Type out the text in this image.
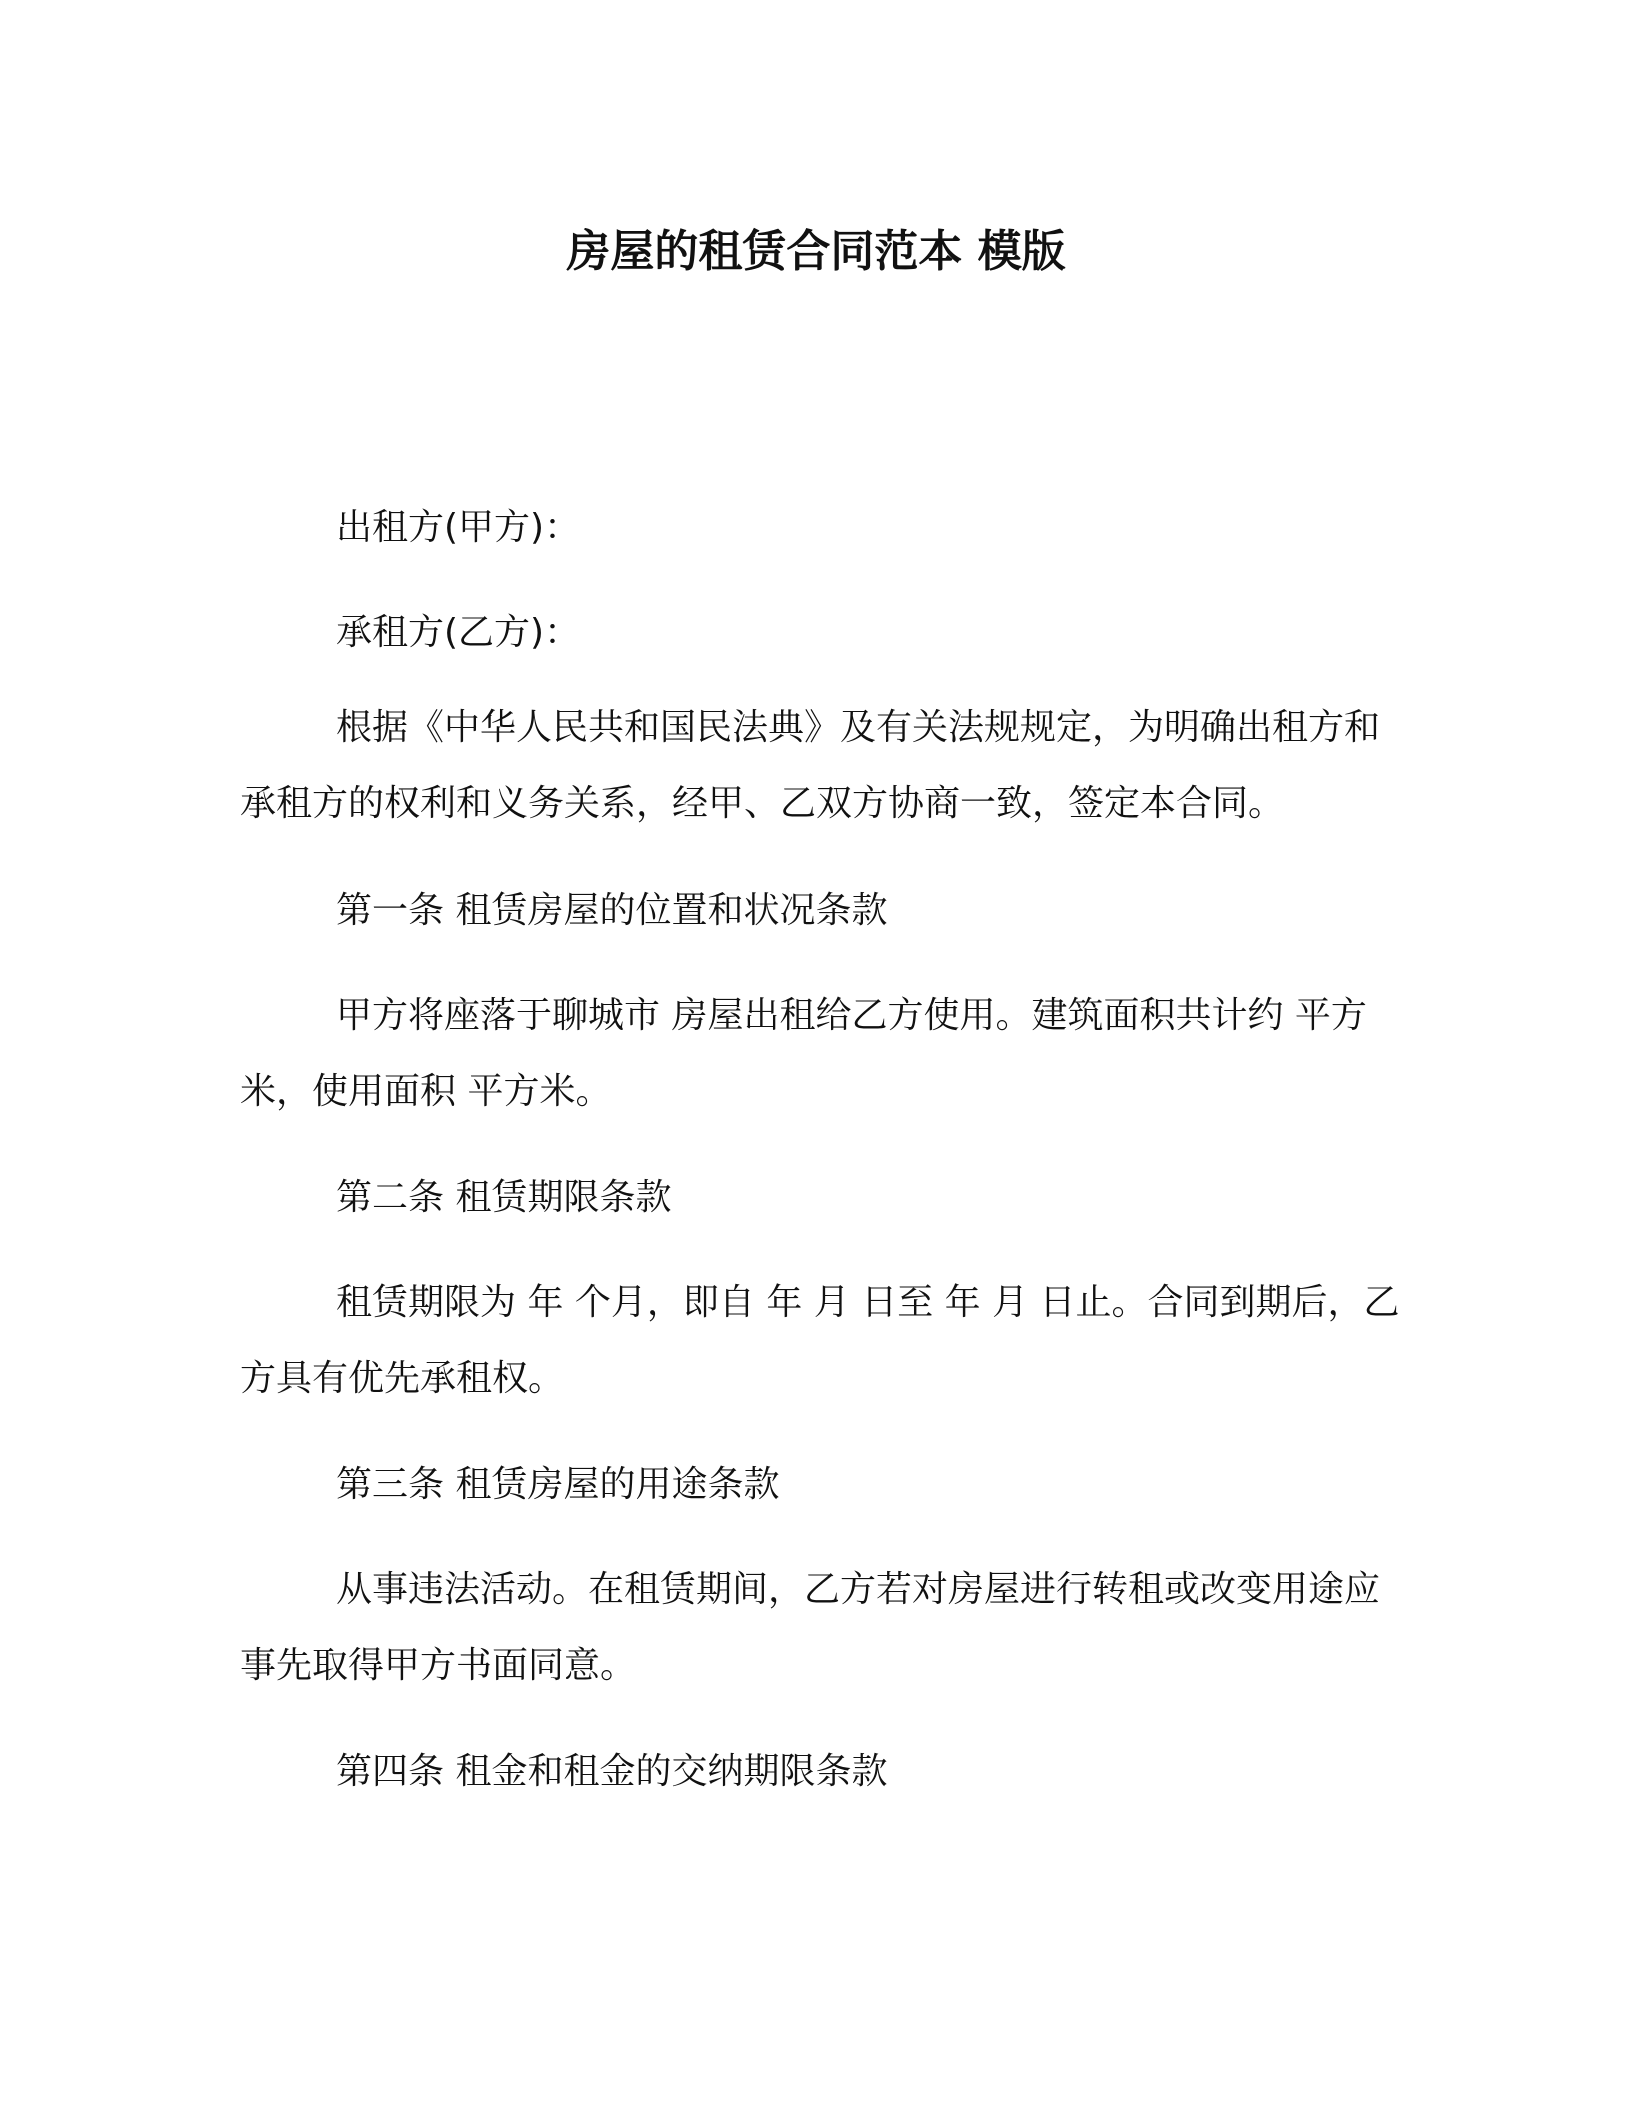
房屋的租赁合同范本 模版

出租方(甲方)：

承租方(乙方)：

根据《中华人民共和国民法典》及有关法规规定，为明确出租方和承租方的权利和义务关系，经甲、乙双方协商一致，签定本合同。

第一条 租赁房屋的位置和状况条款

甲方将座落于聊城市 房屋出租给乙方使用。建筑面积共计约 平方米，使用面积 平方米。

第二条 租赁期限条款

租赁期限为 年 个月，即自 年 月 日至 年 月 日止。合同到期后，乙方具有优先承租权。

第三条 租赁房屋的用途条款

从事违法活动。在租赁期间，乙方若对房屋进行转租或改变用途应事先取得甲方书面同意。

第四条 租金和租金的交纳期限条款
